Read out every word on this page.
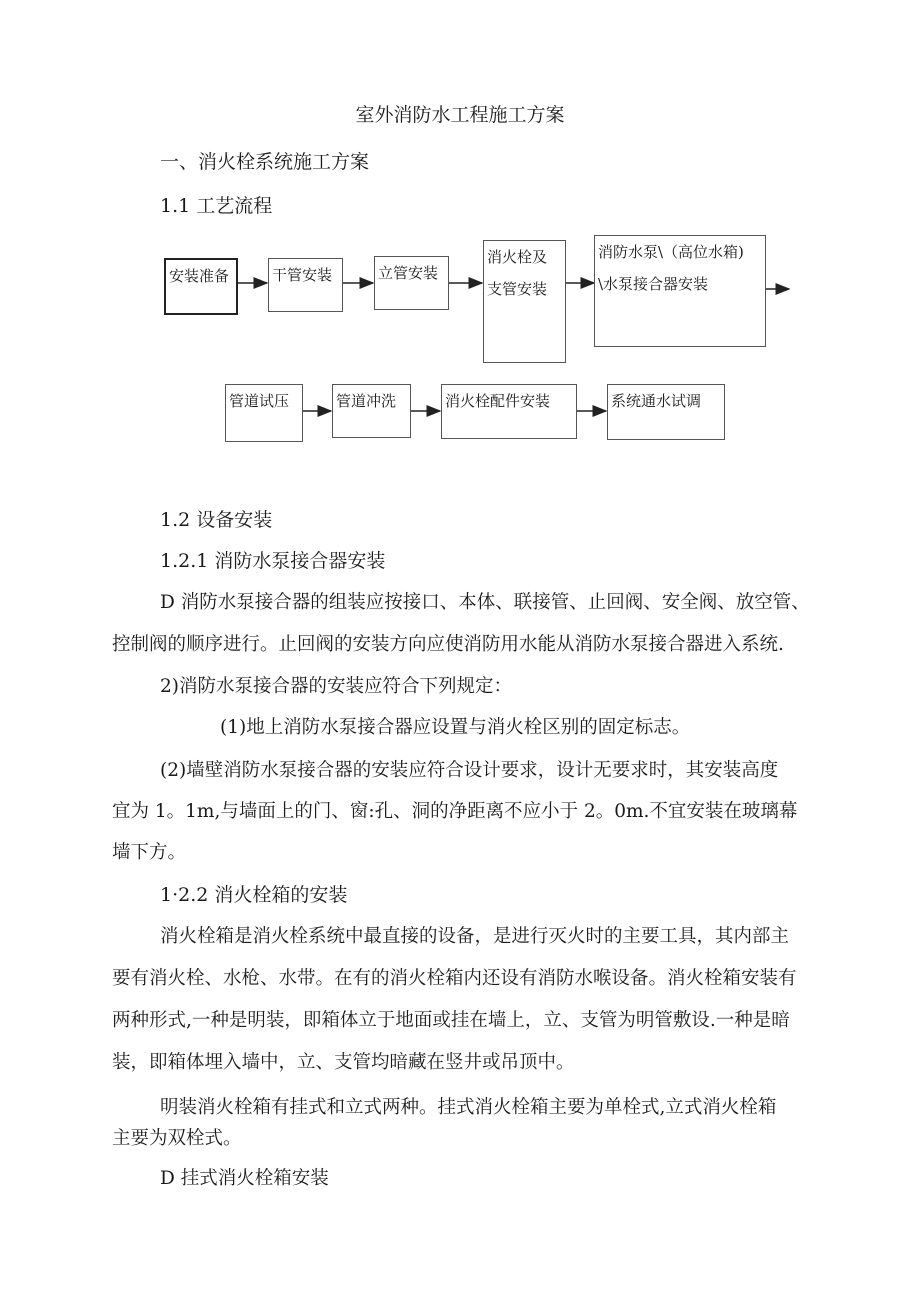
室外消防水工程施工方案
一、消火栓系统施工方案
1.1 工艺流程
安装准备	干管安装	立管安装
消火栓及
支管安装
消防水泵\（高位水箱)
\水泵接合器安装
管道试压	管道冲洗	消火栓配件安装	系统通水试调
1.2 设备安装
1.2.1 消防水泵接合器安装
D 消防水泵接合器的组装应按接口、本体、联接管、止回阀、安全阀、放空管、
控制阀的顺序进行。止回阀的安装方向应使消防用水能从消防水泵接合器进入系统.
2)消防水泵接合器的安装应符合下列规定：
(1)地上消防水泵接合器应设置与消火栓区别的固定标志。
(2)墙壁消防水泵接合器的安装应符合设计要求，设计无要求时，其安装高度
宜为 1。1m,与墙面上的门、窗:孔、洞的净距离不应小于 2。0m.不宜安装在玻璃幕
墙下方。
1·2.2 消火栓箱的安装
消火栓箱是消火栓系统中最直接的设备，是进行灭火时的主要工具，其内部主
要有消火栓、水枪、水带。在有的消火栓箱内还设有消防水喉设备。消火栓箱安装有
两种形式,一种是明装，即箱体立于地面或挂在墙上，立、支管为明管敷设.一种是暗
装，即箱体埋入墙中，立、支管均暗藏在竖井或吊顶中。
明装消火栓箱有挂式和立式两种。挂式消火栓箱主要为单栓式,立式消火栓箱
主要为双栓式。
D 挂式消火栓箱安装
